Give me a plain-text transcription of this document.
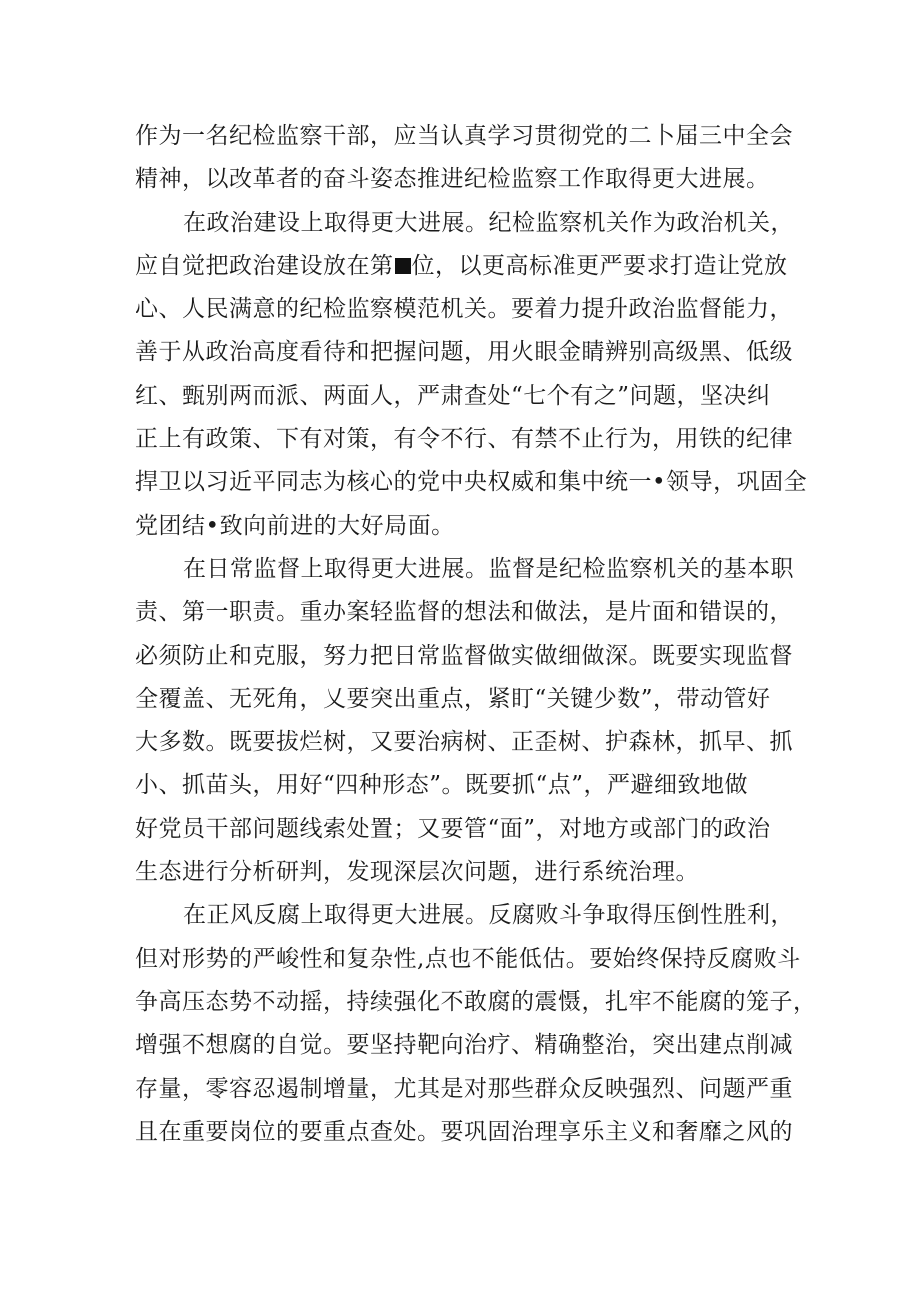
作为一名纪检监察干部，应当认真学习贯彻党的二卜届三中全会
精神，以改革者的奋斗姿态推进纪检监察工作取得更大进展。
在政治建设上取得更大进展。纪检监察机关作为政治机关，
应自觉把政治建设放在第 位，以更高标准更严要求打造让党放
心、人民满意的纪检监察模范机关。要着力提升政治监督能力，
善于从政治高度看待和把握问题，用火眼金睛辨别高级黑、低级
红、甄别两而派、两面人，严肃查处“七个有之”问题，坚决纠
正上有政策、下有对策，有令不行、有禁不止行为，用铁的纪律
捍卫以习近平同志为核心的党中央权威和集中统一•领导，巩固全
党团结•致向前进的大好局面。
在日常监督上取得更大进展。监督是纪检监察机关的基本职
责、第一职责。重办案轻监督的想法和做法，是片面和错误的，
必须防止和克服，努力把日常监督做实做细做深。既要实现监督
全覆盖、无死角，乂要突出重点，紧盯“关键少数”，带动管好
大多数。既要拔烂树，又要治病树、正歪树、护森林，抓早、抓
小、抓苗头，用好“四种形态”。既要抓“点”，严避细致地做
好党员干部问题线索处置；又要管“面”，对地方或部门的政治
生态进行分析研判，发现深层次问题，进行系统治理。
在正风反腐上取得更大进展。反腐败斗争取得压倒性胜利，
但对形势的严峻性和复杂性,点也不能低估。要始终保持反腐败斗
争高压态势不动摇，持续强化不敢腐的震慑，扎牢不能腐的笼子，
增强不想腐的自觉。要坚持靶向治疗、精确整治，突出建点削减
存量，零容忍遏制增量，尤其是对那些群众反映强烈、问题严重
且在重要岗位的要重点查处。要巩固治理享乐主义和奢靡之风的
